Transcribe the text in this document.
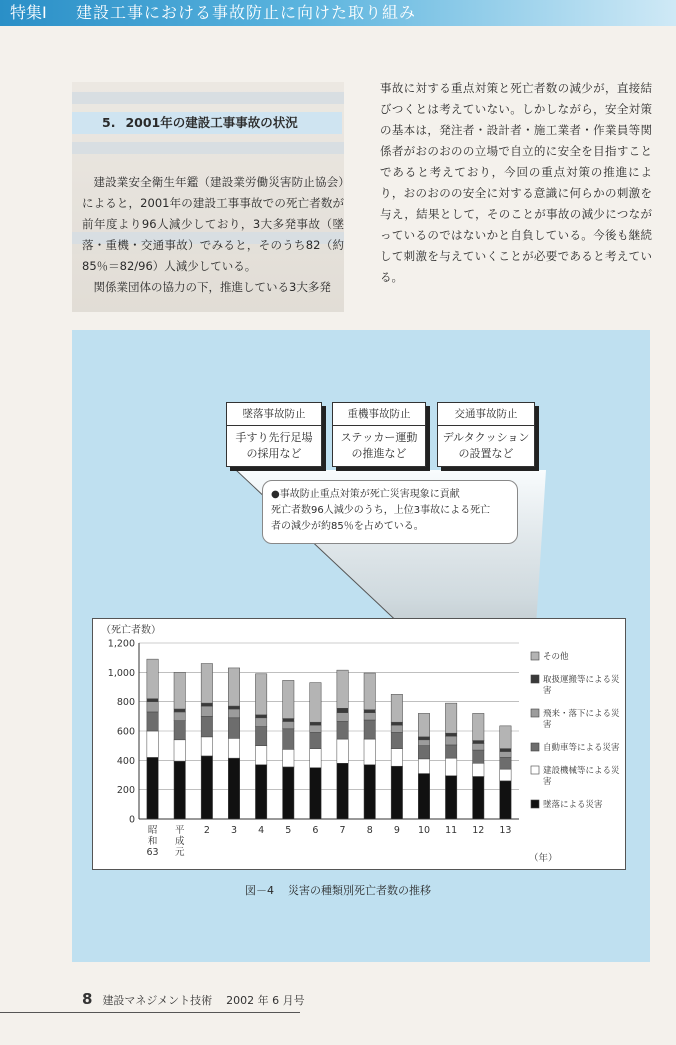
特集Ⅰ	建設工事における事故防止に向けた取り組み
5. 2001年の建設工事事故の状況

建設業安全衛生年鑑（建設業労働災害防止協会）によると，2001年の建設工事事故での死亡者数が前年度より96人減少しており，3大多発事故（墜落・重機・交通事故）でみると，そのうち82（約85％＝82/96）人減少している。

関係業団体の協力の下，推進している3大多発

事故に対する重点対策と死亡者数の減少が，直接結びつくとは考えていない。しかしながら，安全対策の基本は，発注者・設計者・施工業者・作業員等関係者がおのおのの立場で自立的に安全を目指すことであると考えており，今回の重点対策の推進により，おのおのの安全に対する意識に何らかの刺激を与え，結果として，そのことが事故の減少につながっているのではないかと自負している。今後も継続して刺激を与えていくことが必要であると考えている。

墜落事故防止
手すり先行足場
の採用など
重機事故防止
ステッカー運動
の推進など
交通事故防止
デルタクッション
の設置など
●事故防止重点対策が死亡災害現象に貢献
死亡者数96人減少のうち，上位3事故による死亡
者の減少が約85％を占めている。
（死亡者数）
0
200
400
600
800
1,000
1,200
昭
和
63
平
成
元
2 3 4 5 6 7 8 9 10 11 12 13
（年）
その他
取扱運搬等による災
害
飛来・落下による災
害
自動車等による災害
建設機械等による災
害
墜落による災害
図－4 災害の種類別死亡者数の推移
8 建設マネジメント技術 2002 年 6 月号
